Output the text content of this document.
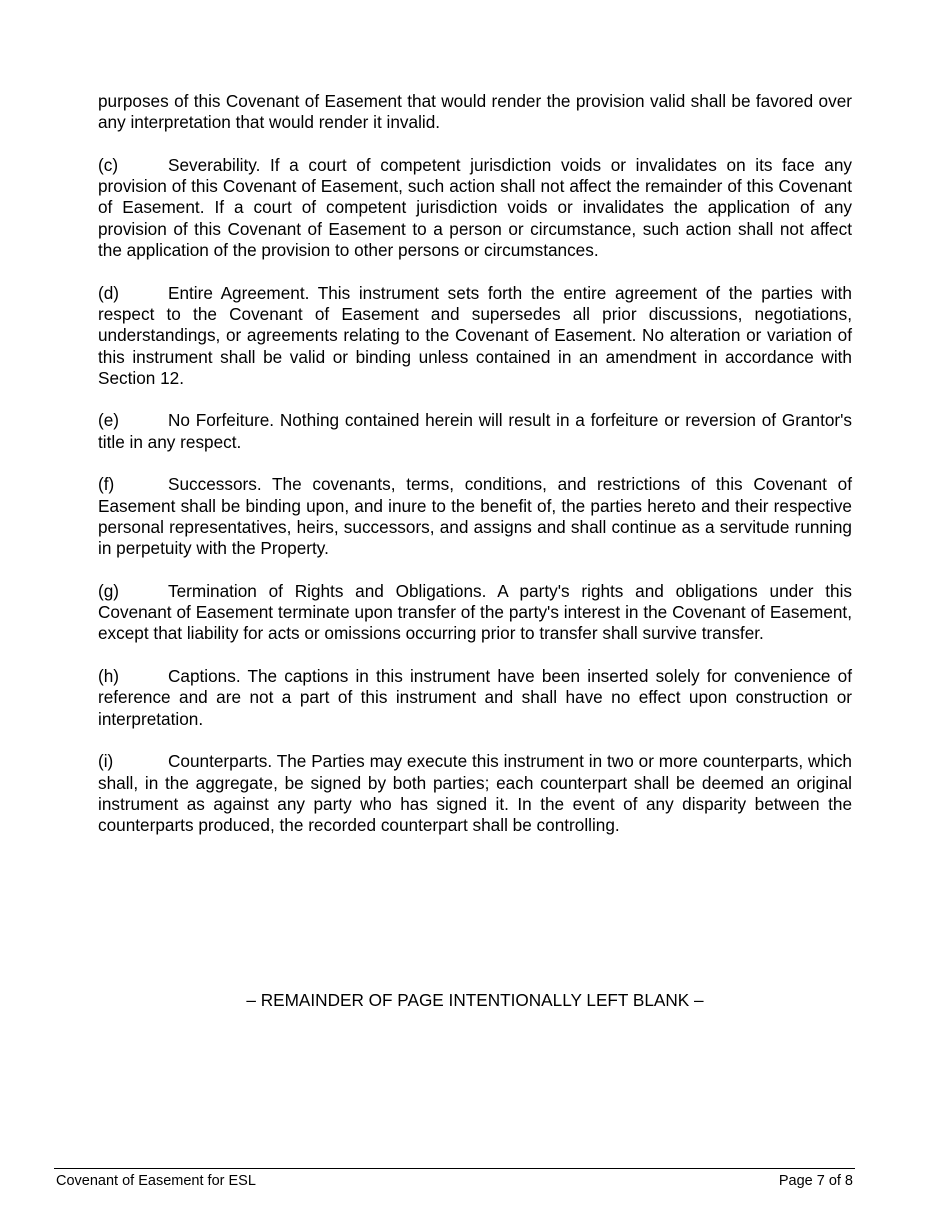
purposes of this Covenant of Easement that would render the provision valid shall be favored over any interpretation that would render it invalid.

(c)	Severability. If a court of competent jurisdiction voids or invalidates on its face any provision of this Covenant of Easement, such action shall not affect the remainder of this Covenant of Easement. If a court of competent jurisdiction voids or invalidates the application of any provision of this Covenant of Easement to a person or circumstance, such action shall not affect the application of the provision to other persons or circumstances.

(d)	Entire Agreement. This instrument sets forth the entire agreement of the parties with respect to the Covenant of Easement and supersedes all prior discussions, negotiations, understandings, or agreements relating to the Covenant of Easement. No alteration or variation of this instrument shall be valid or binding unless contained in an amendment in accordance with Section 12.

(e)	No Forfeiture. Nothing contained herein will result in a forfeiture or reversion of Grantor's title in any respect.

(f)	Successors. The covenants, terms, conditions, and restrictions of this Covenant of Easement shall be binding upon, and inure to the benefit of, the parties hereto and their respective personal representatives, heirs, successors, and assigns and shall continue as a servitude running in perpetuity with the Property.

(g)	Termination of Rights and Obligations. A party's rights and obligations under this Covenant of Easement terminate upon transfer of the party's interest in the Covenant of Easement, except that liability for acts or omissions occurring prior to transfer shall survive transfer.

(h)	Captions. The captions in this instrument have been inserted solely for convenience of reference and are not a part of this instrument and shall have no effect upon construction or interpretation.

(i)	Counterparts. The Parties may execute this instrument in two or more counterparts, which shall, in the aggregate, be signed by both parties; each counterpart shall be deemed an original instrument as against any party who has signed it. In the event of any disparity between the counterparts produced, the recorded counterpart shall be controlling.

– REMAINDER OF PAGE INTENTIONALLY LEFT BLANK –
Covenant of Easement for ESL	Page 7 of 8
